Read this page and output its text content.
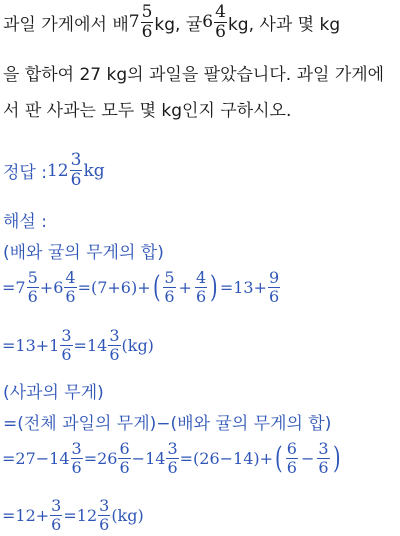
과일 가게에서 배 $7 \frac{5}{6}$ kg, 귤 $6 \frac{4}{6}$ kg, 사과 몇 kg
을 합하여 27 kg의 과일을 팔았습니다. 과일 가게에
서 판 사과는 모두 몇 kg인지 구하시오.
정답 : $12 \frac{3}{6}$ kg
해설 :
(배와 귤의 무게의 합)
$=7 \frac{5}{6} +6 \frac{4}{6} =(7+6)+$ ( $\frac{5}{6} + \frac{4}{6}$ ) $=13+ \frac{9}{6}$
$=13+1 \frac{3}{6} =14 \frac{3}{6} (kg)$
(사과의 무게)
=(전체 과일의 무게)−(배와 귤의 무게의 합)
$=27-14 \frac{3}{6} =26 \frac{6}{6} -14 \frac{3}{6} =(26-14)+$ ( $\frac{6}{6} - \frac{3}{6}$ )
$=12+ \frac{3}{6} =12 \frac{3}{6} (kg)$
